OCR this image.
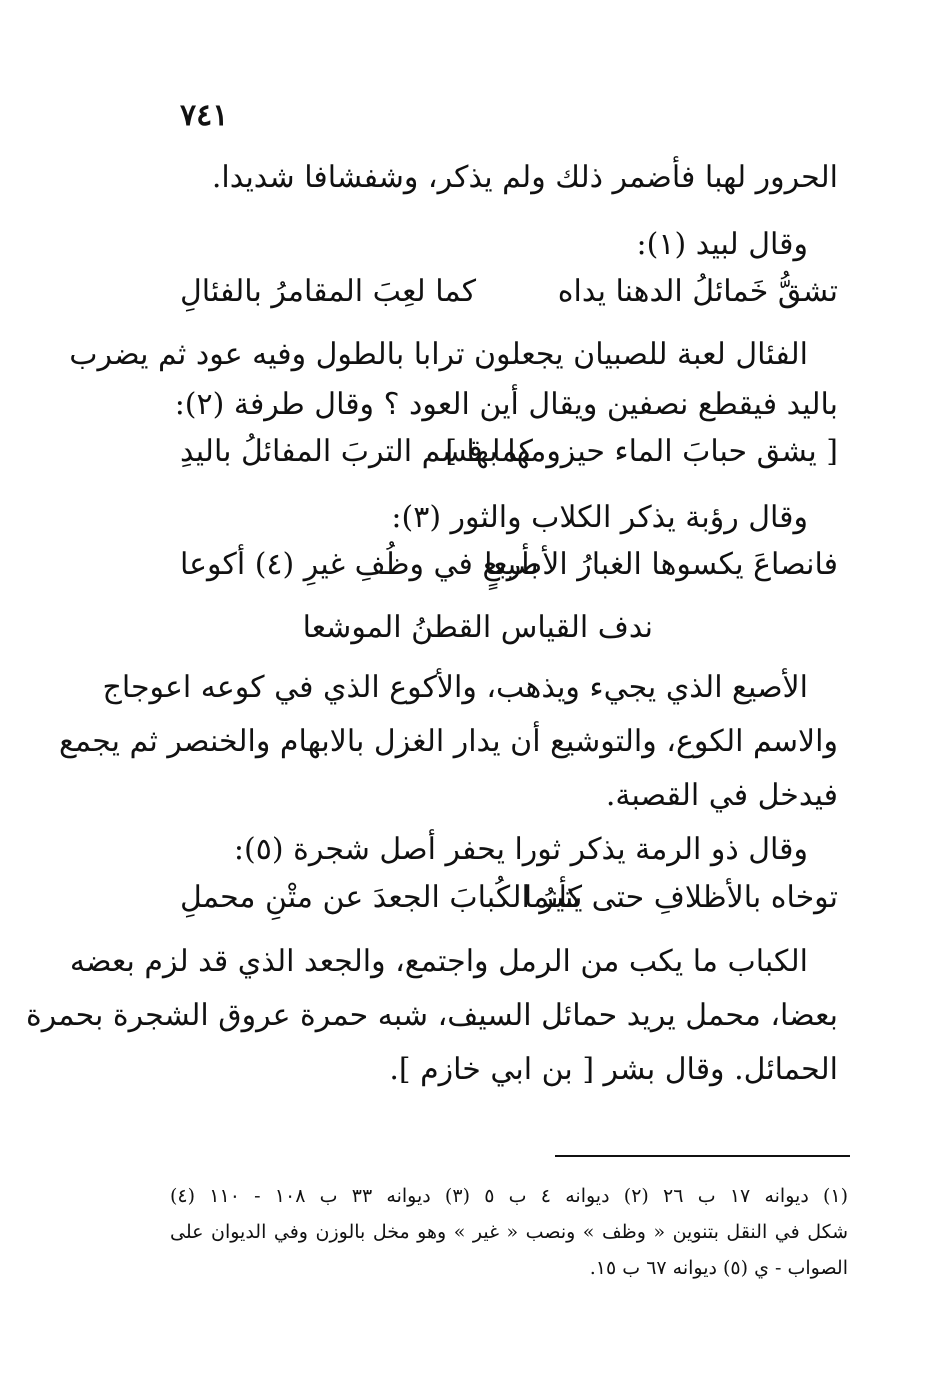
٧٤١
الحرور لهبا فأضمر ذلك ولم يذكر، وشفشافا شديدا.
وقال لبيد (١):
تشقُّ خَمائلُ الدهنا يداه
كما لعِبَ المقامرُ بالفئالِ
الفئال لعبة للصبيان يجعلون ترابا بالطول وفيه عود ثم يضرب
باليد فيقطع نصفين ويقال أين العود ؟ وقال طرفة (٢):
[ يشق حبابَ الماء حيزومها بها ]
كما قسم التربَ المفائلُ باليدِ
وقال رؤبة يذكر الكلاب والثور (٣):
فانصاعَ يكسوها الغبارُ الأصيعا
بأربعٍ في وظُفِ غيرِ (٤) أكوعا
ندف القياس القطنُ الموشعا
الأصيع الذي يجيء ويذهب، والأكوع الذي في كوعه اعوجاج
والاسم الكوع، والتوشيع أن يدار الغزل بالابهام والخنصر ثم يجمع
فيدخل في القصبة.
وقال ذو الرمة يذكر ثورا يحفر أصل شجرة (٥):
توخاه بالأظلافِ حتى كأنما
يثيرُ الكُبابَ الجعدَ عن متْنِ محملِ
الكباب ما يكب من الرمل واجتمع، والجعد الذي قد لزم بعضه
بعضا، محمل يريد حمائل السيف، شبه حمرة عروق الشجرة بحمرة
الحمائل. وقال بشر [ بن ابي خازم ].
(١) ديوانه ١٧ ب ٢٦ (٢) ديوانه ٤ ب ٥ (٣) ديوانه ٣٣ ب ١٠٨ - ١١٠ (٤)
شكل في النقل بتنوين « وظف » ونصب « غير » وهو مخل بالوزن وفي الديوان على
الصواب - ي (٥) ديوانه ٦٧ ب ١٥.
